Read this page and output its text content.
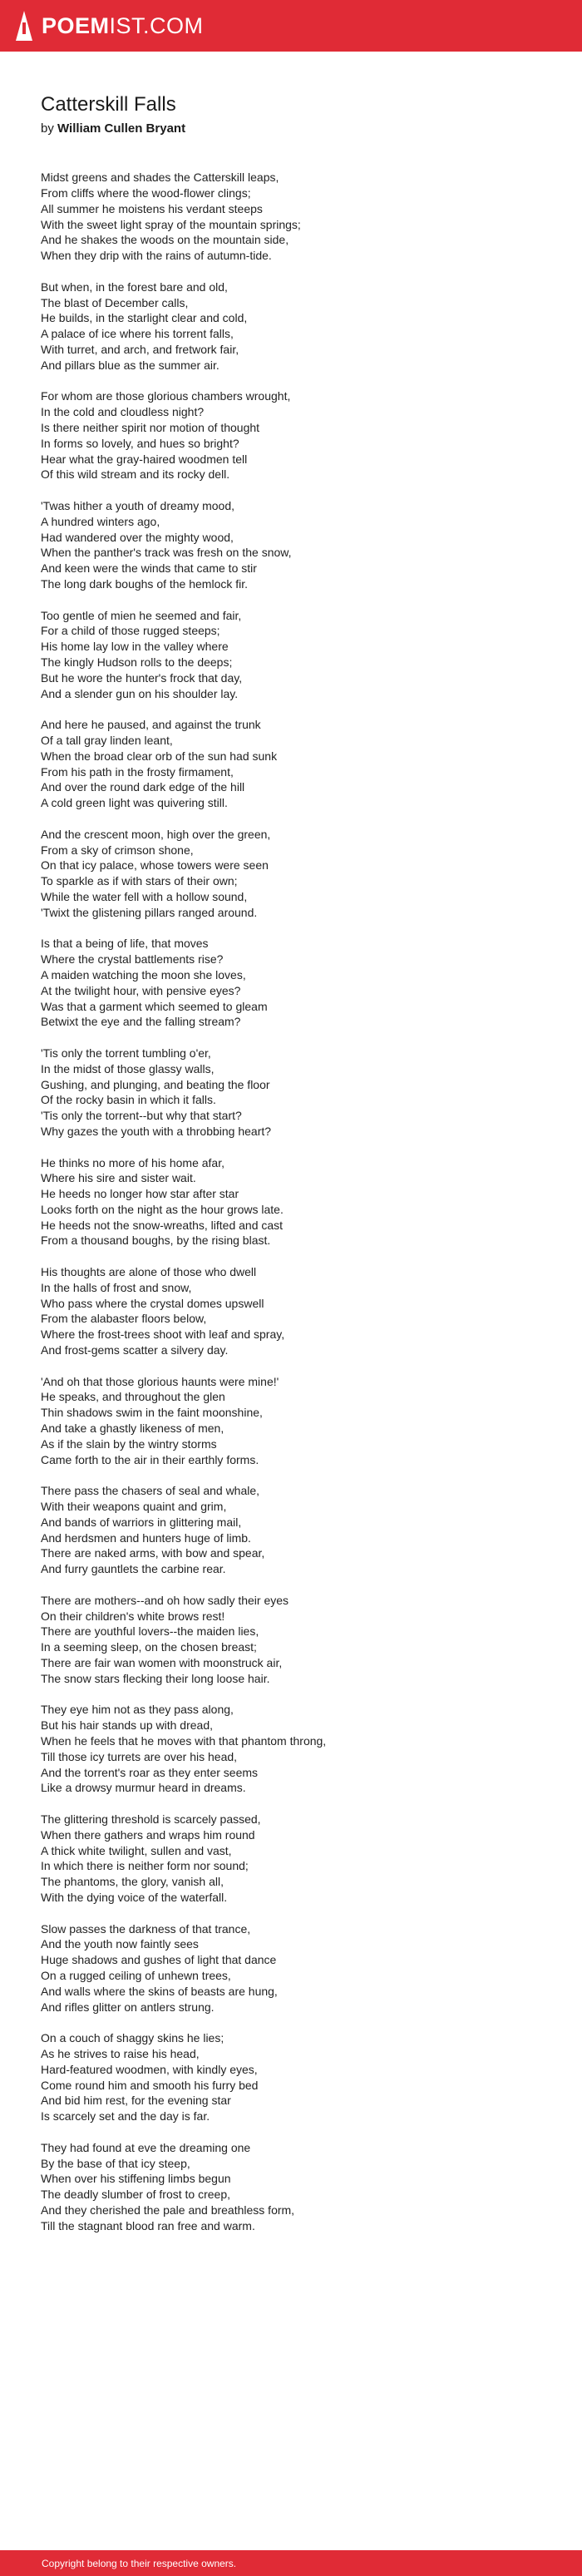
POEMIST.COM
Catterskill Falls
by William Cullen Bryant
Midst greens and shades the Catterskill leaps,
From cliffs where the wood-flower clings;
All summer he moistens his verdant steeps
With the sweet light spray of the mountain springs;
And he shakes the woods on the mountain side,
When they drip with the rains of autumn-tide.
But when, in the forest bare and old,
The blast of December calls,
He builds, in the starlight clear and cold,
A palace of ice where his torrent falls,
With turret, and arch, and fretwork fair,
And pillars blue as the summer air.
For whom are those glorious chambers wrought,
In the cold and cloudless night?
Is there neither spirit nor motion of thought
In forms so lovely, and hues so bright?
Hear what the gray-haired woodmen tell
Of this wild stream and its rocky dell.
'Twas hither a youth of dreamy mood,
A hundred winters ago,
Had wandered over the mighty wood,
When the panther's track was fresh on the snow,
And keen were the winds that came to stir
The long dark boughs of the hemlock fir.
Too gentle of mien he seemed and fair,
For a child of those rugged steeps;
His home lay low in the valley where
The kingly Hudson rolls to the deeps;
But he wore the hunter's frock that day,
And a slender gun on his shoulder lay.
And here he paused, and against the trunk
Of a tall gray linden leant,
When the broad clear orb of the sun had sunk
From his path in the frosty firmament,
And over the round dark edge of the hill
A cold green light was quivering still.
And the crescent moon, high over the green,
From a sky of crimson shone,
On that icy palace, whose towers were seen
To sparkle as if with stars of their own;
While the water fell with a hollow sound,
'Twixt the glistening pillars ranged around.
Is that a being of life, that moves
Where the crystal battlements rise?
A maiden watching the moon she loves,
At the twilight hour, with pensive eyes?
Was that a garment which seemed to gleam
Betwixt the eye and the falling stream?
'Tis only the torrent tumbling o'er,
In the midst of those glassy walls,
Gushing, and plunging, and beating the floor
Of the rocky basin in which it falls.
'Tis only the torrent--but why that start?
Why gazes the youth with a throbbing heart?
He thinks no more of his home afar,
Where his sire and sister wait.
He heeds no longer how star after star
Looks forth on the night as the hour grows late.
He heeds not the snow-wreaths, lifted and cast
From a thousand boughs, by the rising blast.
His thoughts are alone of those who dwell
In the halls of frost and snow,
Who pass where the crystal domes upswell
From the alabaster floors below,
Where the frost-trees shoot with leaf and spray,
And frost-gems scatter a silvery day.
'And oh that those glorious haunts were mine!'
He speaks, and throughout the glen
Thin shadows swim in the faint moonshine,
And take a ghastly likeness of men,
As if the slain by the wintry storms
Came forth to the air in their earthly forms.
There pass the chasers of seal and whale,
With their weapons quaint and grim,
And bands of warriors in glittering mail,
And herdsmen and hunters huge of limb.
There are naked arms, with bow and spear,
And furry gauntlets the carbine rear.
There are mothers--and oh how sadly their eyes
On their children's white brows rest!
There are youthful lovers--the maiden lies,
In a seeming sleep, on the chosen breast;
There are fair wan women with moonstruck air,
The snow stars flecking their long loose hair.
They eye him not as they pass along,
But his hair stands up with dread,
When he feels that he moves with that phantom throng,
Till those icy turrets are over his head,
And the torrent's roar as they enter seems
Like a drowsy murmur heard in dreams.
The glittering threshold is scarcely passed,
When there gathers and wraps him round
A thick white twilight, sullen and vast,
In which there is neither form nor sound;
The phantoms, the glory, vanish all,
With the dying voice of the waterfall.
Slow passes the darkness of that trance,
And the youth now faintly sees
Huge shadows and gushes of light that dance
On a rugged ceiling of unhewn trees,
And walls where the skins of beasts are hung,
And rifles glitter on antlers strung.
On a couch of shaggy skins he lies;
As he strives to raise his head,
Hard-featured woodmen, with kindly eyes,
Come round him and smooth his furry bed
And bid him rest, for the evening star
Is scarcely set and the day is far.
They had found at eve the dreaming one
By the base of that icy steep,
When over his stiffening limbs begun
The deadly slumber of frost to creep,
And they cherished the pale and breathless form,
Till the stagnant blood ran free and warm.
Copyright belong to their respective owners.
